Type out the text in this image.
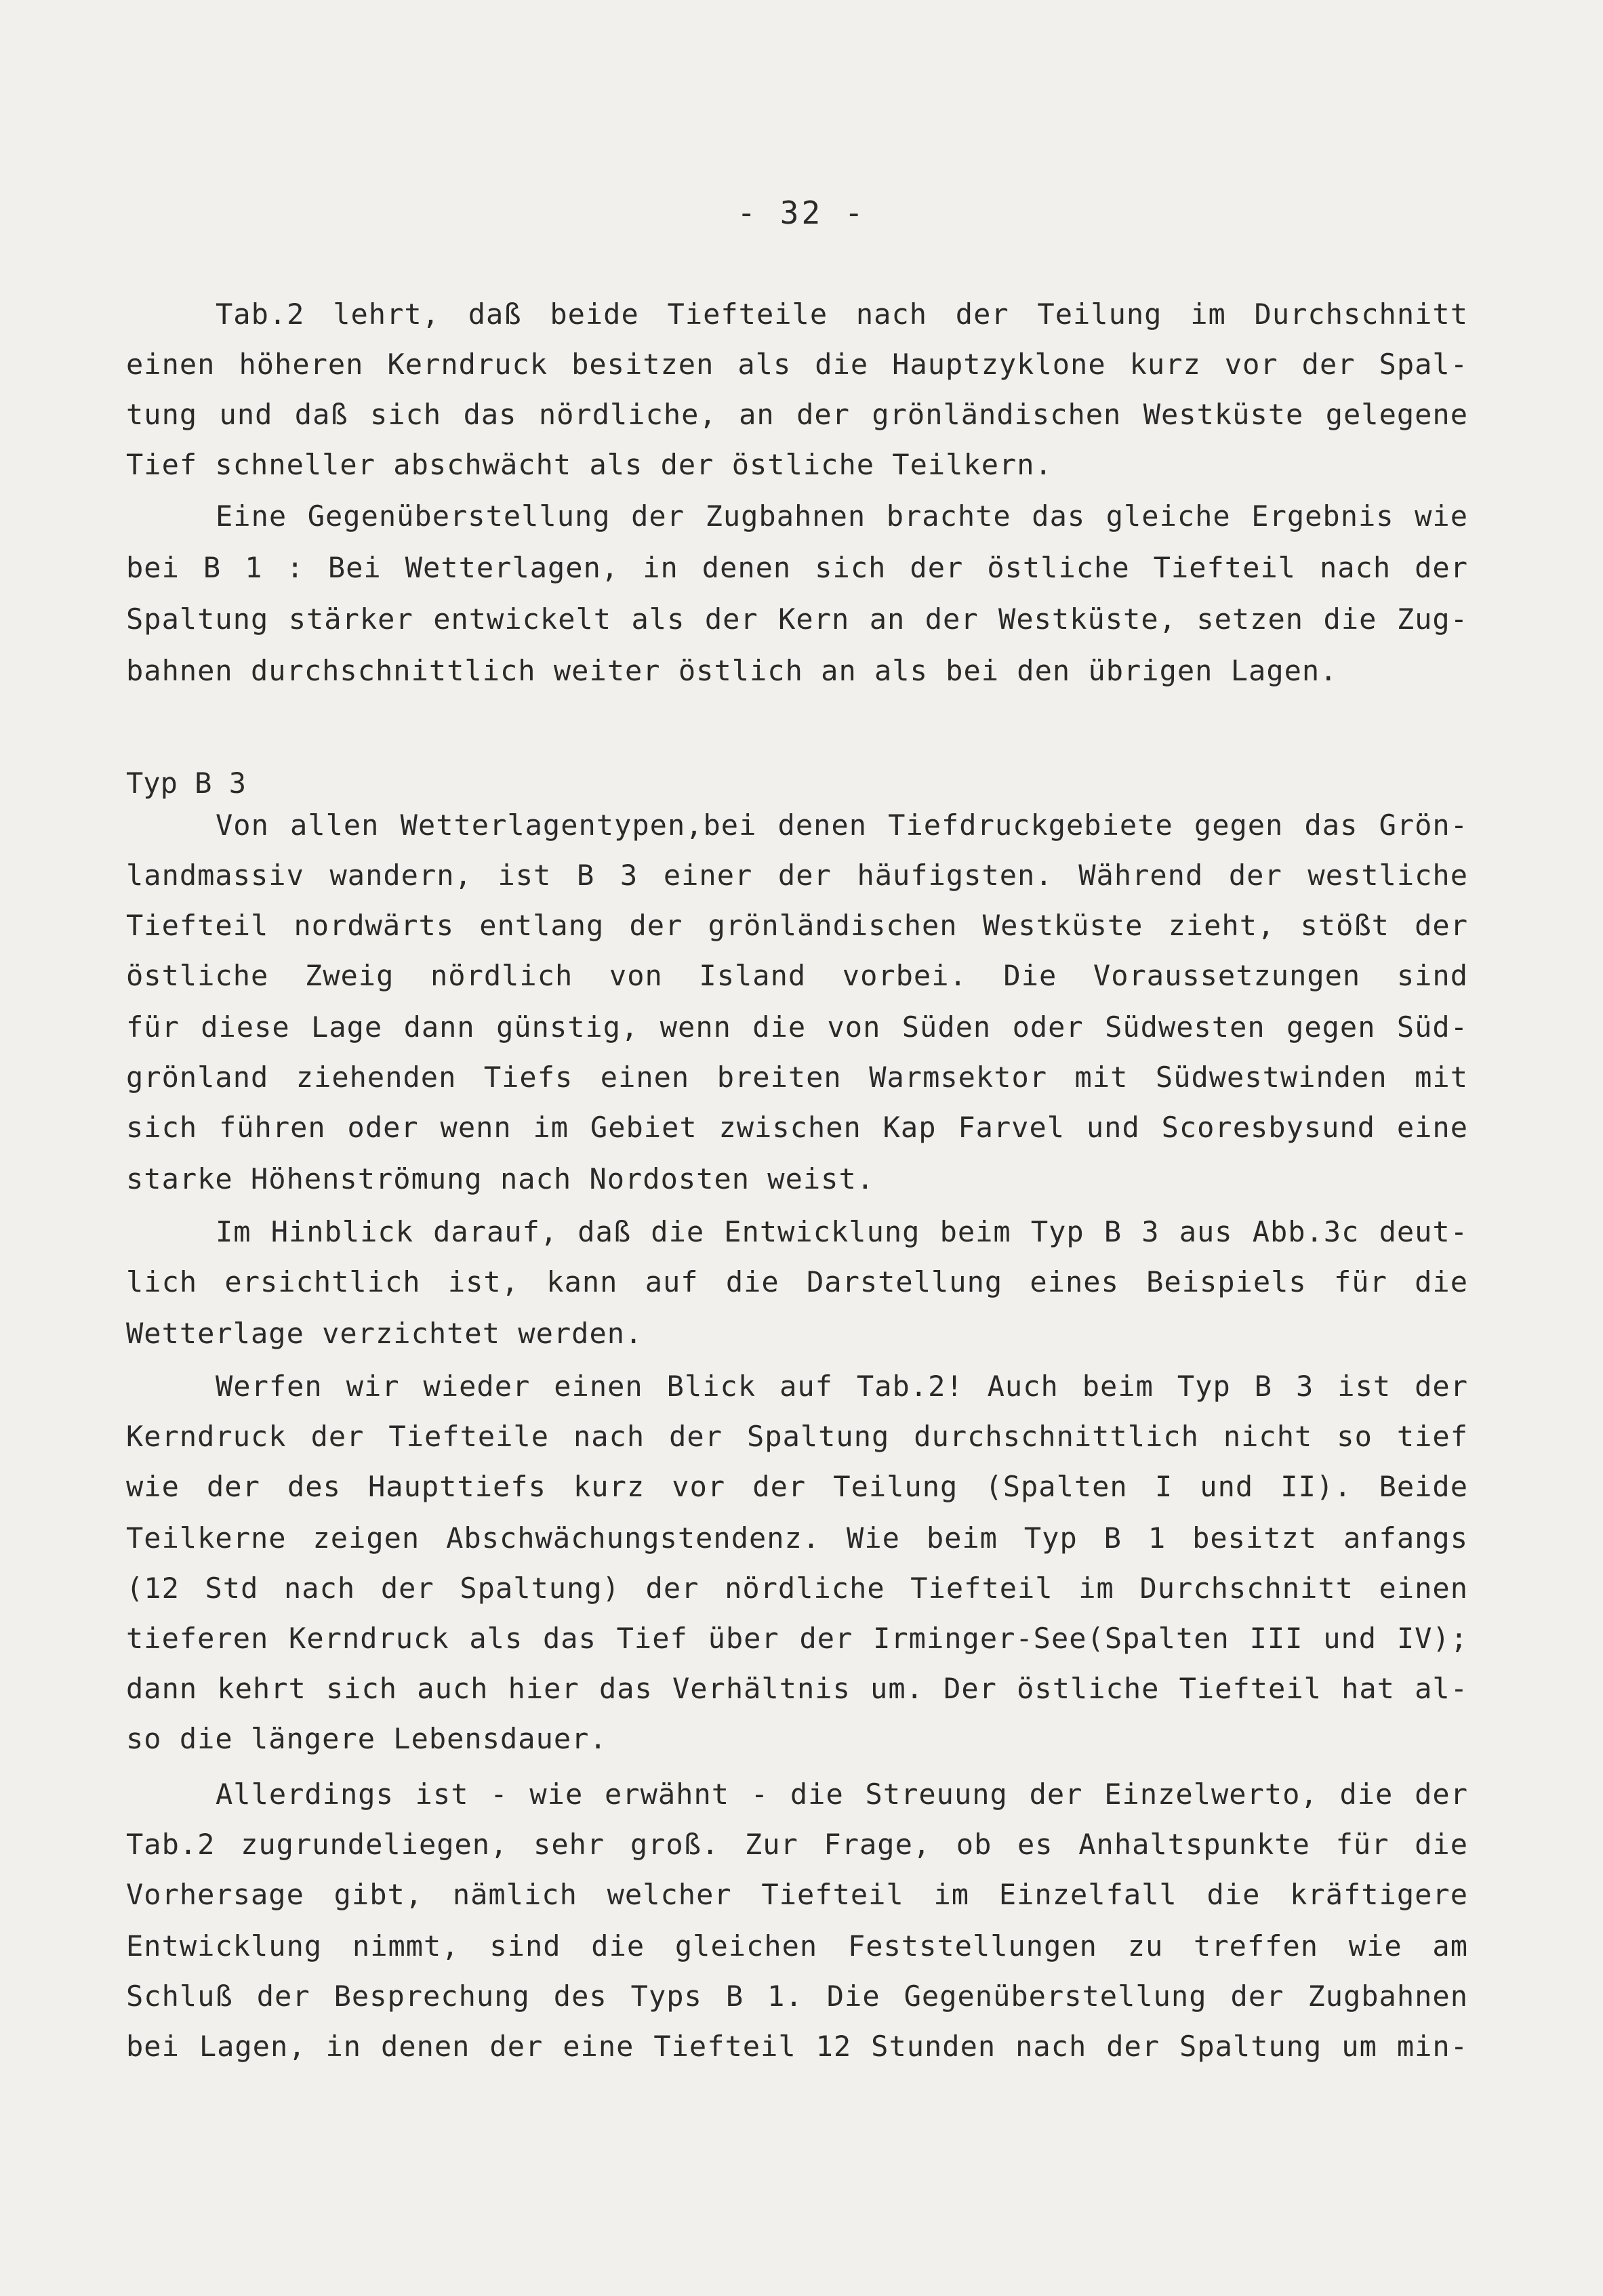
- 32 -
Tab.2 lehrt, daß beide Tiefteile nach der Teilung im Durchschnitt
einen höheren Kerndruck besitzen als die Hauptzyklone kurz vor der Spal-
tung und daß sich das nördliche, an der grönländischen Westküste gelegene
Tief schneller abschwächt als der östliche Teilkern.
Eine Gegenüberstellung der Zugbahnen brachte das gleiche Ergebnis wie
bei B 1 : Bei Wetterlagen, in denen sich der östliche Tiefteil nach der
Spaltung stärker entwickelt als der Kern an der Westküste, setzen die Zug-
bahnen durchschnittlich weiter östlich an als bei den übrigen Lagen.
Typ B 3
Von allen Wetterlagentypen,bei denen Tiefdruckgebiete gegen das Grön-
landmassiv wandern, ist B 3 einer der häufigsten. Während der westliche
Tiefteil nordwärts entlang der grönländischen Westküste zieht, stößt der
östliche Zweig nördlich von Island vorbei. Die Voraussetzungen sind
für diese Lage dann günstig, wenn die von Süden oder Südwesten gegen Süd-
grönland ziehenden Tiefs einen breiten Warmsektor mit Südwestwinden mit
sich führen oder wenn im Gebiet zwischen Kap Farvel und Scoresbysund eine
starke Höhenströmung nach Nordosten weist.
Im Hinblick darauf, daß die Entwicklung beim Typ B 3 aus Abb.3c deut-
lich ersichtlich ist, kann auf die Darstellung eines Beispiels für die
Wetterlage verzichtet werden.
Werfen wir wieder einen Blick auf Tab.2! Auch beim Typ B 3 ist der
Kerndruck der Tiefteile nach der Spaltung durchschnittlich nicht so tief
wie der des Haupttiefs kurz vor der Teilung (Spalten I und II). Beide
Teilkerne zeigen Abschwächungstendenz. Wie beim Typ B 1 besitzt anfangs
(12 Std nach der Spaltung) der nördliche Tiefteil im Durchschnitt einen
tieferen Kerndruck als das Tief über der Irminger-See(Spalten III und IV);
dann kehrt sich auch hier das Verhältnis um. Der östliche Tiefteil hat al-
so die längere Lebensdauer.
Allerdings ist - wie erwähnt - die Streuung der Einzelwerto, die der
Tab.2 zugrundeliegen, sehr groß. Zur Frage, ob es Anhaltspunkte für die
Vorhersage gibt, nämlich welcher Tiefteil im Einzelfall die kräftigere
Entwicklung nimmt, sind die gleichen Feststellungen zu treffen wie am
Schluß der Besprechung des Typs B 1. Die Gegenüberstellung der Zugbahnen
bei Lagen, in denen der eine Tiefteil 12 Stunden nach der Spaltung um min-
